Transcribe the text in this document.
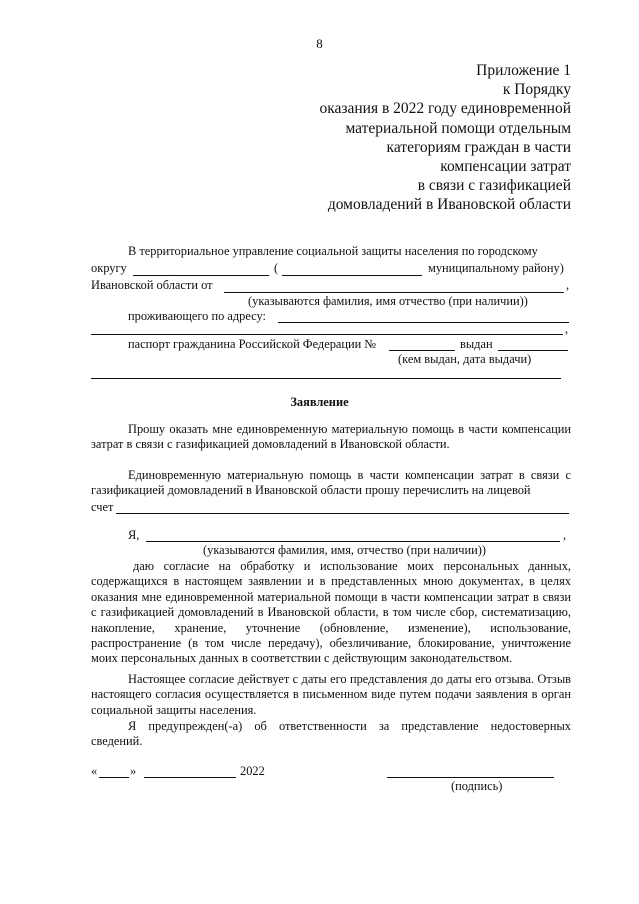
8
Приложение 1
к Порядку
оказания в 2022 году единовременной
материальной помощи отдельным
категориям граждан в части
компенсации затрат
в связи с газификацией
домовладений в Ивановской области
В территориальное управление социальной защиты населения по городскому
округу	(	муниципальному району)
Ивановской области от	,
(указываются фамилия, имя отчество (при наличии))
проживающего по адресу:
,
паспорт гражданина Российской Федерации №	выдан
(кем выдан, дата выдачи)
Заявление
Прошу оказать мне единовременную материальную помощь в части компенсации затрат в связи с газификацией домовладений в Ивановской области.
Единовременную материальную помощь в части компенсации затрат в связи с газификацией домовладений в Ивановской области прошу перечислить на лицевой
счет
Я,	,
(указываются фамилия, имя, отчество (при наличии))
даю согласие на обработку и использование моих персональных данных, содержащихся в настоящем заявлении и в представленных мною документах, в целях оказания мне единовременной материальной помощи в части компенсации затрат в связи с газификацией домовладений в Ивановской области, в том числе сбор, систематизацию, накопление, хранение, уточнение (обновление, изменение), использование, распространение (в том числе передачу), обезличивание, блокирование, уничтожение моих персональных данных в соответствии с действующим законодательством.
Настоящее согласие действует с даты его представления до даты его отзыва. Отзыв настоящего согласия осуществляется в письменном виде путем подачи заявления в орган социальной защиты населения.
Я предупрежден(-а) об ответственности за представление недостоверных сведений.
«	»	2022
(подпись)
